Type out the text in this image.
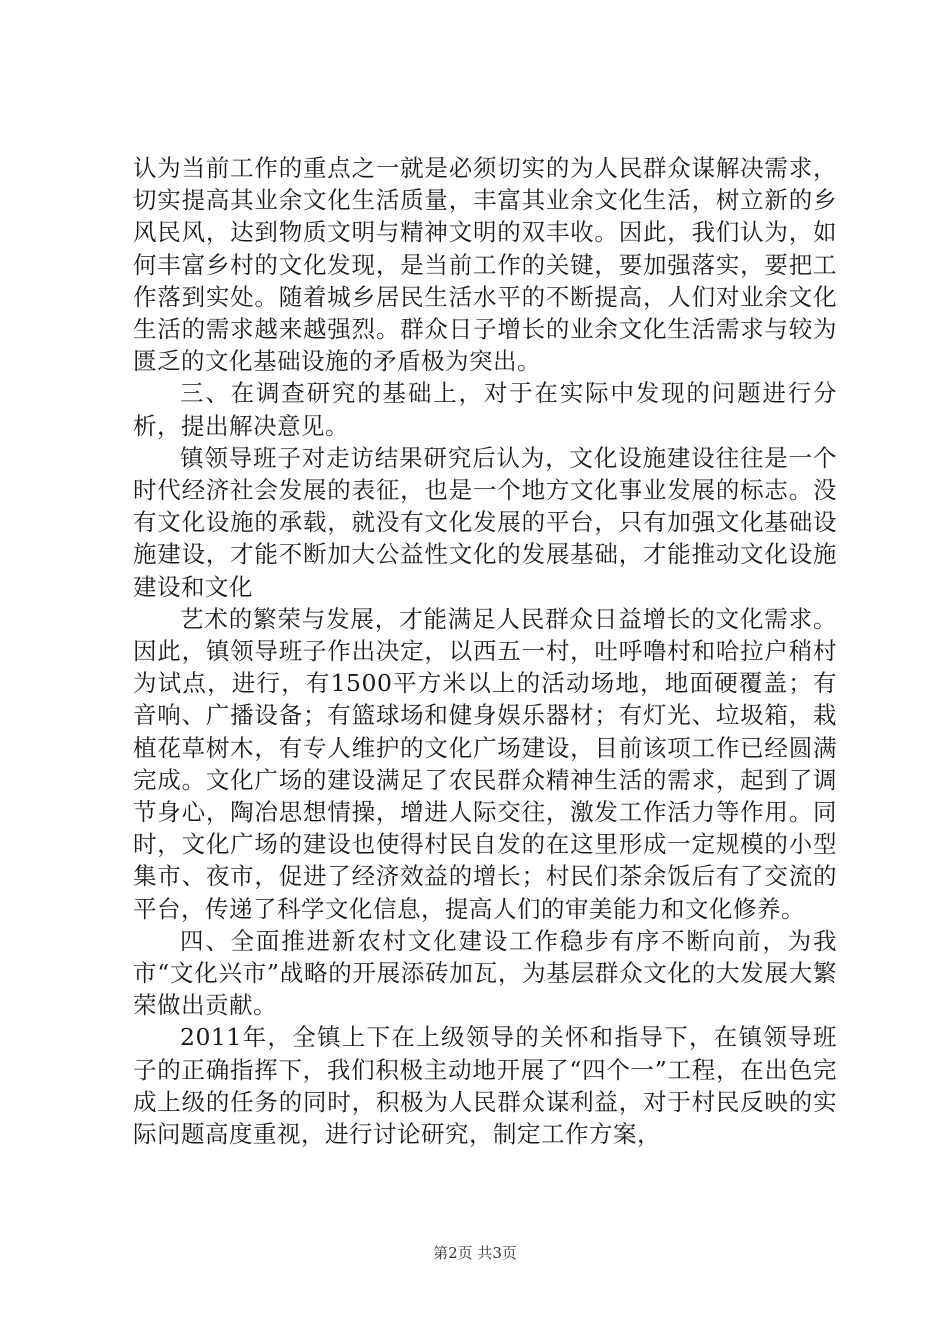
认为当前工作的重点之一就是必须切实的为人民群众谋解决需求，切实提高其业余文化生活质量，丰富其业余文化生活，树立新的乡风民风，达到物质文明与精神文明的双丰收。因此，我们认为，如何丰富乡村的文化发现，是当前工作的关键，要加强落实，要把工作落到实处。随着城乡居民生活水平的不断提高，人们对业余文化生活的需求越来越强烈。群众日子增长的业余文化生活需求与较为匮乏的文化基础设施的矛盾极为突出。

三、在调查研究的基础上，对于在实际中发现的问题进行分析，提出解决意见。

镇领导班子对走访结果研究后认为，文化设施建设往往是一个时代经济社会发展的表征，也是一个地方文化事业发展的标志。没有文化设施的承载，就没有文化发展的平台，只有加强文化基础设施建设，才能不断加大公益性文化的发展基础，才能推动文化设施建设和文化

艺术的繁荣与发展，才能满足人民群众日益增长的文化需求。因此，镇领导班子作出决定，以西五一村，吐呼噜村和哈拉户稍村为试点，进行，有1500平方米以上的活动场地，地面硬覆盖；有音响、广播设备；有篮球场和健身娱乐器材；有灯光、垃圾箱，栽植花草树木，有专人维护的文化广场建设，目前该项工作已经圆满完成。文化广场的建设满足了农民群众精神生活的需求，起到了调节身心，陶冶思想情操，增进人际交往，激发工作活力等作用。同时，文化广场的建设也使得村民自发的在这里形成一定规模的小型集市、夜市，促进了经济效益的增长；村民们茶余饭后有了交流的平台，传递了科学文化信息，提高人们的审美能力和文化修养。

四、全面推进新农村文化建设工作稳步有序不断向前，为我市“文化兴市”战略的开展添砖加瓦，为基层群众文化的大发展大繁荣做出贡献。

2011年，全镇上下在上级领导的关怀和指导下，在镇领导班子的正确指挥下，我们积极主动地开展了“四个一”工程，在出色完成上级的任务的同时，积极为人民群众谋利益，对于村民反映的实际问题高度重视，进行讨论研究，制定工作方案，

第2页 共3页
